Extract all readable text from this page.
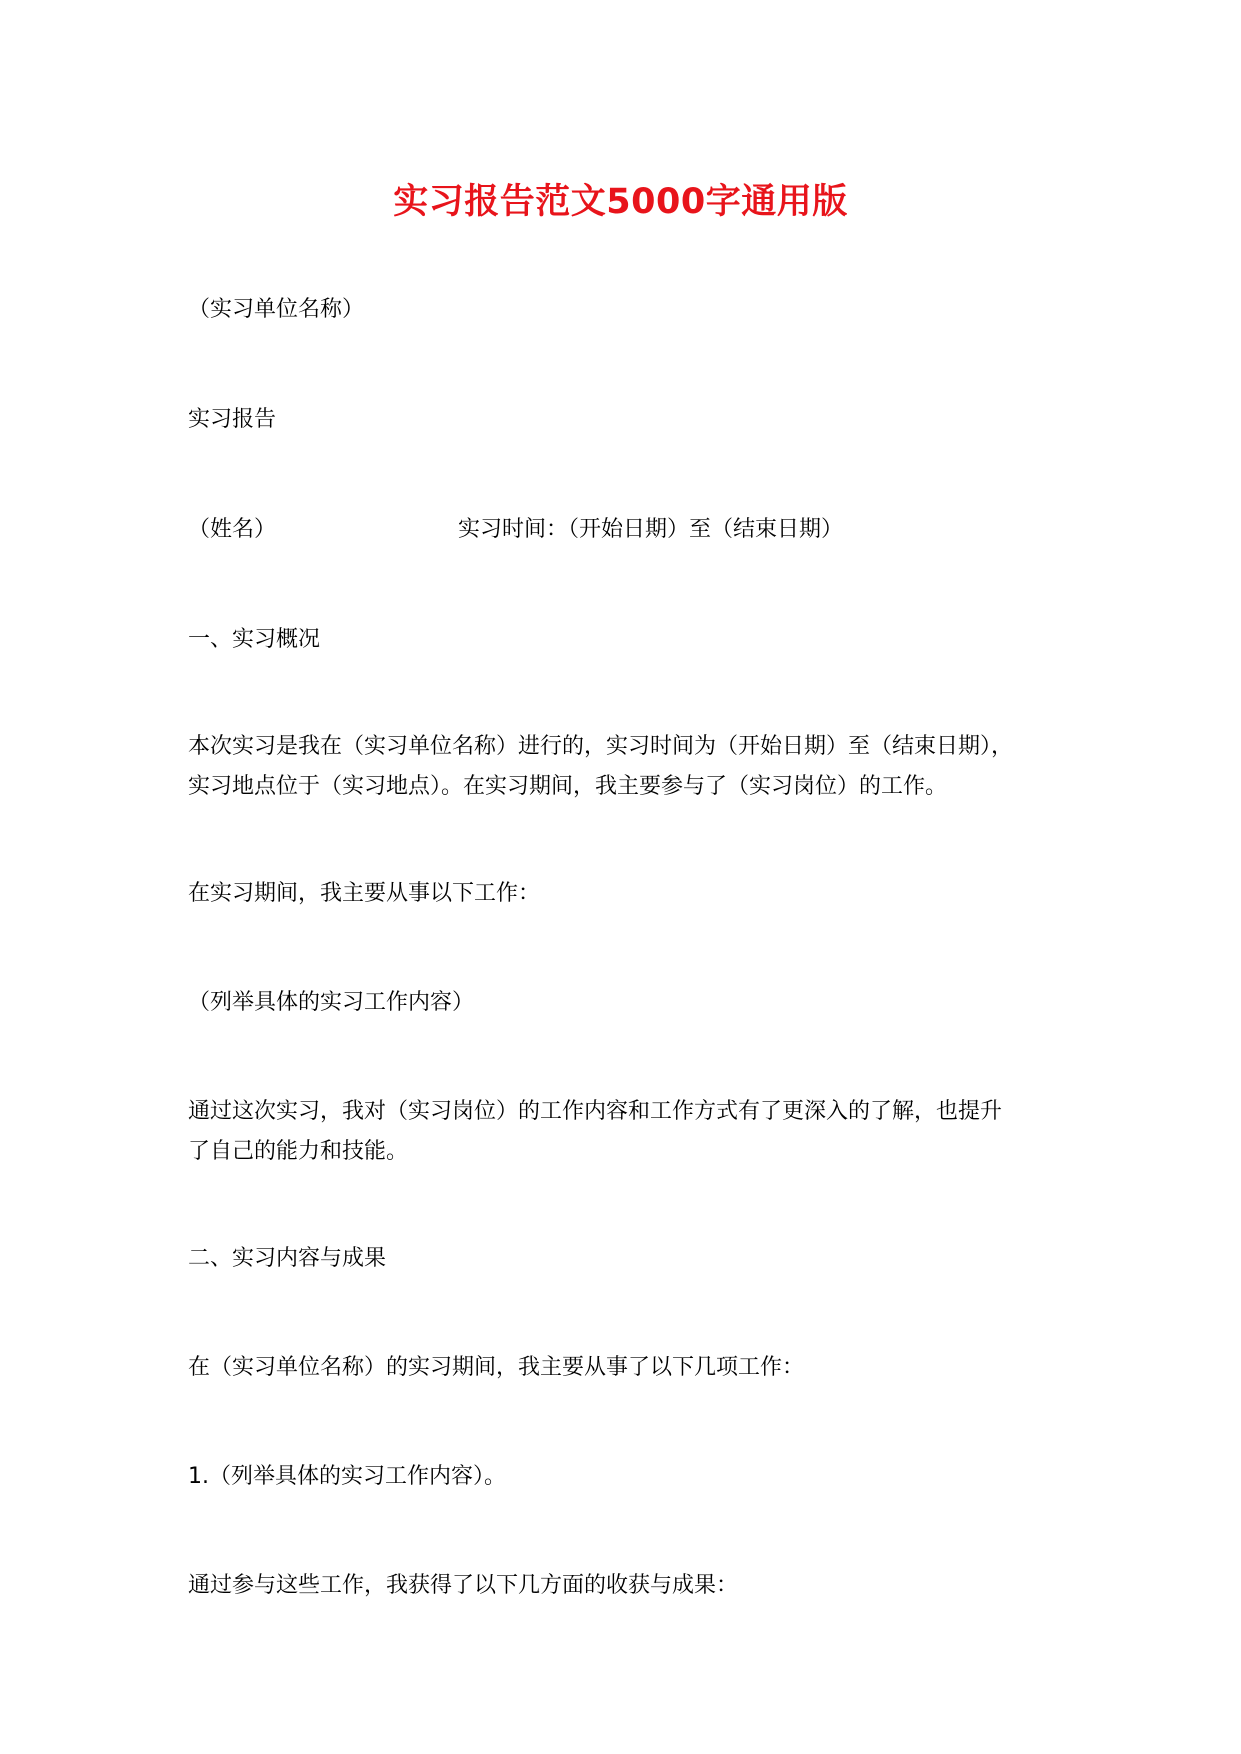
实习报告范文5000字通用版
（实习单位名称）
实习报告
（姓名）	实习时间：（开始日期）至（结束日期）
一、实习概况
本次实习是我在（实习单位名称）进行的，实习时间为（开始日期）至（结束日期），
实习地点位于（实习地点）。在实习期间，我主要参与了（实习岗位）的工作。
在实习期间，我主要从事以下工作：
（列举具体的实习工作内容）
通过这次实习，我对（实习岗位）的工作内容和工作方式有了更深入的了解，也提升
了自己的能力和技能。
二、实习内容与成果
在（实习单位名称）的实习期间，我主要从事了以下几项工作：
1.（列举具体的实习工作内容）。
通过参与这些工作，我获得了以下几方面的收获与成果：
